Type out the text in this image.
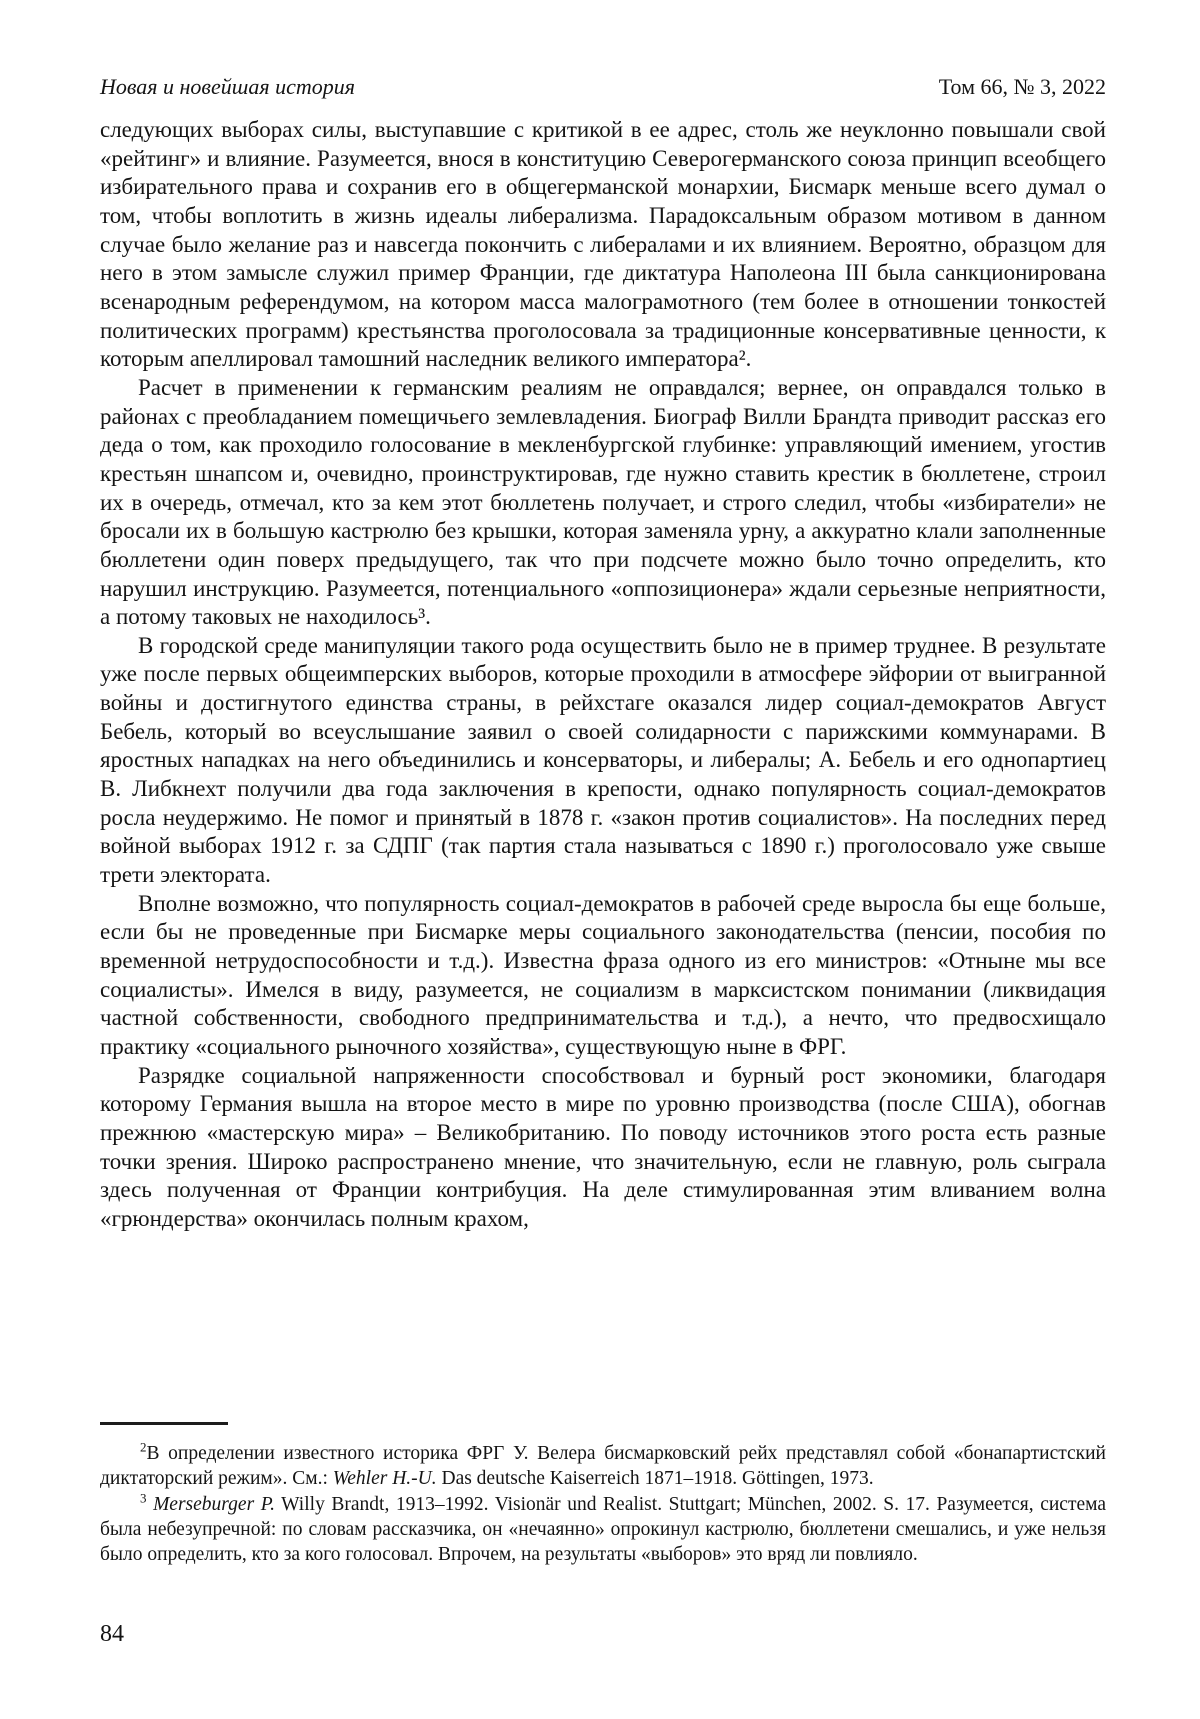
Новая и новейшая история	Том 66, № 3, 2022

следующих выборах силы, выступавшие с критикой в ее адрес, столь же неуклонно повышали свой «рейтинг» и влияние. Разумеется, внося в конституцию Северогерманского союза принцип всеобщего избирательного права и сохранив его в общегерманской монархии, Бисмарк меньше всего думал о том, чтобы воплотить в жизнь идеалы либерализма. Парадоксальным образом мотивом в данном случае было желание раз и навсегда покончить с либералами и их влиянием. Вероятно, образцом для него в этом замысле служил пример Франции, где диктатура Наполеона III была санкционирована всенародным референдумом, на котором масса малограмотного (тем более в отношении тонкостей политических программ) крестьянства проголосовала за традиционные консервативные ценности, к которым апеллировал тамошний наследник великого императора².

Расчет в применении к германским реалиям не оправдался; вернее, он оправдался только в районах с преобладанием помещичьего землевладения. Биограф Вилли Брандта приводит рассказ его деда о том, как проходило голосование в мекленбургской глубинке: управляющий имением, угостив крестьян шнапсом и, очевидно, проинструктировав, где нужно ставить крестик в бюллетене, строил их в очередь, отмечал, кто за кем этот бюллетень получает, и строго следил, чтобы «избиратели» не бросали их в большую кастрюлю без крышки, которая заменяла урну, а аккуратно клали заполненные бюллетени один поверх предыдущего, так что при подсчете можно было точно определить, кто нарушил инструкцию. Разумеется, потенциального «оппозиционера» ждали серьезные неприятности, а потому таковых не находилось³.

В городской среде манипуляции такого рода осуществить было не в пример труднее. В результате уже после первых общеимперских выборов, которые проходили в атмосфере эйфории от выигранной войны и достигнутого единства страны, в рейхстаге оказался лидер социал-демократов Август Бебель, который во всеуслышание заявил о своей солидарности с парижскими коммунарами. В яростных нападках на него объединились и консерваторы, и либералы; А. Бебель и его однопартиец В. Либкнехт получили два года заключения в крепости, однако популярность социал-демократов росла неудержимо. Не помог и принятый в 1878 г. «закон против социалистов». На последних перед войной выборах 1912 г. за СДПГ (так партия стала называться с 1890 г.) проголосовало уже свыше трети электората.

Вполне возможно, что популярность социал-демократов в рабочей среде выросла бы еще больше, если бы не проведенные при Бисмарке меры социального законодательства (пенсии, пособия по временной нетрудоспособности и т.д.). Известна фраза одного из его министров: «Отныне мы все социалисты». Имелся в виду, разумеется, не социализм в марксистском понимании (ликвидация частной собственности, свободного предпринимательства и т.д.), а нечто, что предвосхищало практику «социального рыночного хозяйства», существующую ныне в ФРГ.

Разрядке социальной напряженности способствовал и бурный рост экономики, благодаря которому Германия вышла на второе место в мире по уровню производства (после США), обогнав прежнюю «мастерскую мира» – Великобританию. По поводу источников этого роста есть разные точки зрения. Широко распространено мнение, что значительную, если не главную, роль сыграла здесь полученная от Франции контрибуция. На деле стимулированная этим вливанием волна «грюндерства» окончилась полным крахом,

$^2$В определении известного историка ФРГ У. Велера бисмарковский рейх представлял собой «бонапартистский диктаторский режим». См.: Wehler H.-U. Das deutsche Kaiserreich 1871–1918. Göttingen, 1973.

$^3$ Merseburger P. Willy Brandt, 1913–1992. Visionär und Realist. Stuttgart; München, 2002. S. 17. Разумеется, система была небезупречной: по словам рассказчика, он «нечаянно» опрокинул кастрюлю, бюллетени смешались, и уже нельзя было определить, кто за кого голосовал. Впрочем, на результаты «выборов» это вряд ли повлияло.

84
